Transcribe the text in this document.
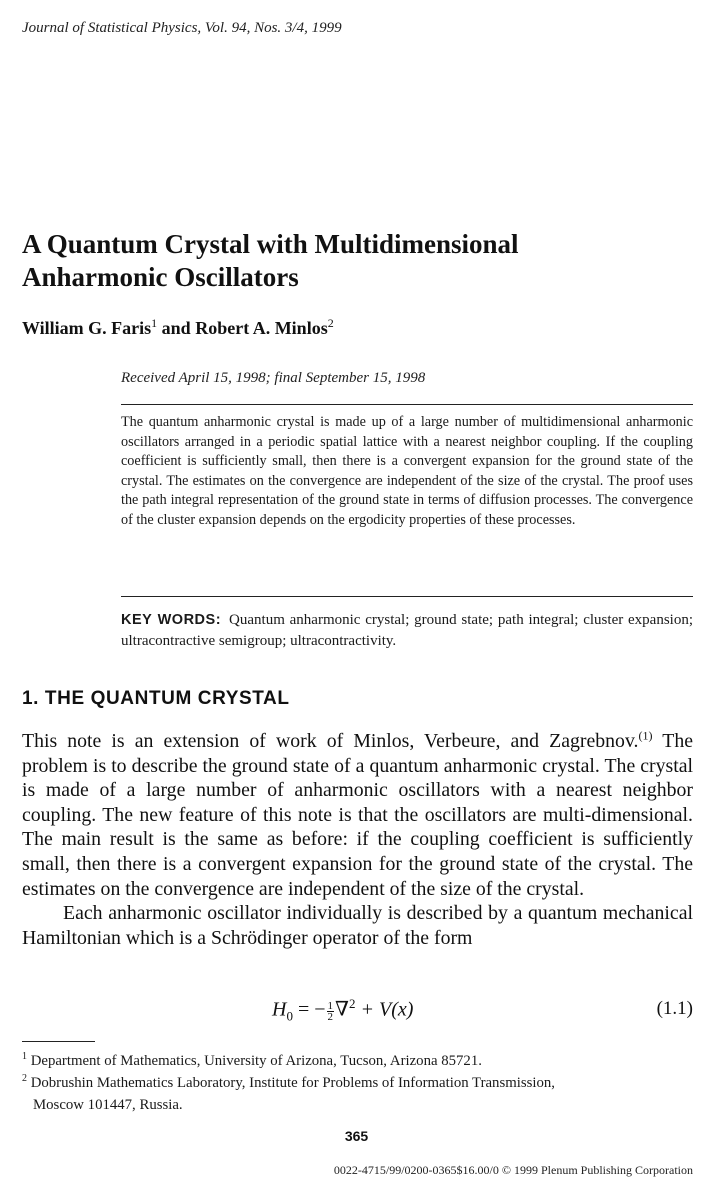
Journal of Statistical Physics, Vol. 94, Nos. 3/4, 1999
A Quantum Crystal with Multidimensional
Anharmonic Oscillators
William G. Faris$^1$ and Robert A. Minlos$^2$
Received April 15, 1998; final September 15, 1998
The quantum anharmonic crystal is made up of a large number of multidimensional anharmonic oscillators arranged in a periodic spatial lattice with a nearest neighbor coupling. If the coupling coefficient is sufficiently small, then there is a convergent expansion for the ground state of the crystal. The estimates on the convergence are independent of the size of the crystal. The proof uses the path integral representation of the ground state in terms of diffusion processes. The convergence of the cluster expansion depends on the ergodicity properties of these processes.
KEY WORDS: Quantum anharmonic crystal; ground state; path integral; cluster expansion; ultracontractive semigroup; ultracontractivity.
1. THE QUANTUM CRYSTAL

This note is an extension of work of Minlos, Verbeure, and Zagrebnov.$^{(1)}$ The problem is to describe the ground state of a quantum anharmonic crystal. The crystal is made of a large number of anharmonic oscillators with a nearest neighbor coupling. The new feature of this note is that the oscillators are multi-dimensional. The main result is the same as before: if the coupling coefficient is sufficiently small, then there is a convergent expansion for the ground state of the crystal. The estimates on the convergence are independent of the size of the crystal.

Each anharmonic oscillator individually is described by a quantum mechanical Hamiltonian which is a Schrödinger operator of the form

$H_0$ = − $\frac{1}{2} \nabla^2 + V(x)$	(1.1)
$^1$ Department of Mathematics, University of Arizona, Tucson, Arizona 85721.
$^2$ Dobrushin Mathematics Laboratory, Institute for Problems of Information Transmission,
Moscow 101447, Russia.
365
0022-4715/99/0200-0365$16.00/0 © 1999 Plenum Publishing Corporation
